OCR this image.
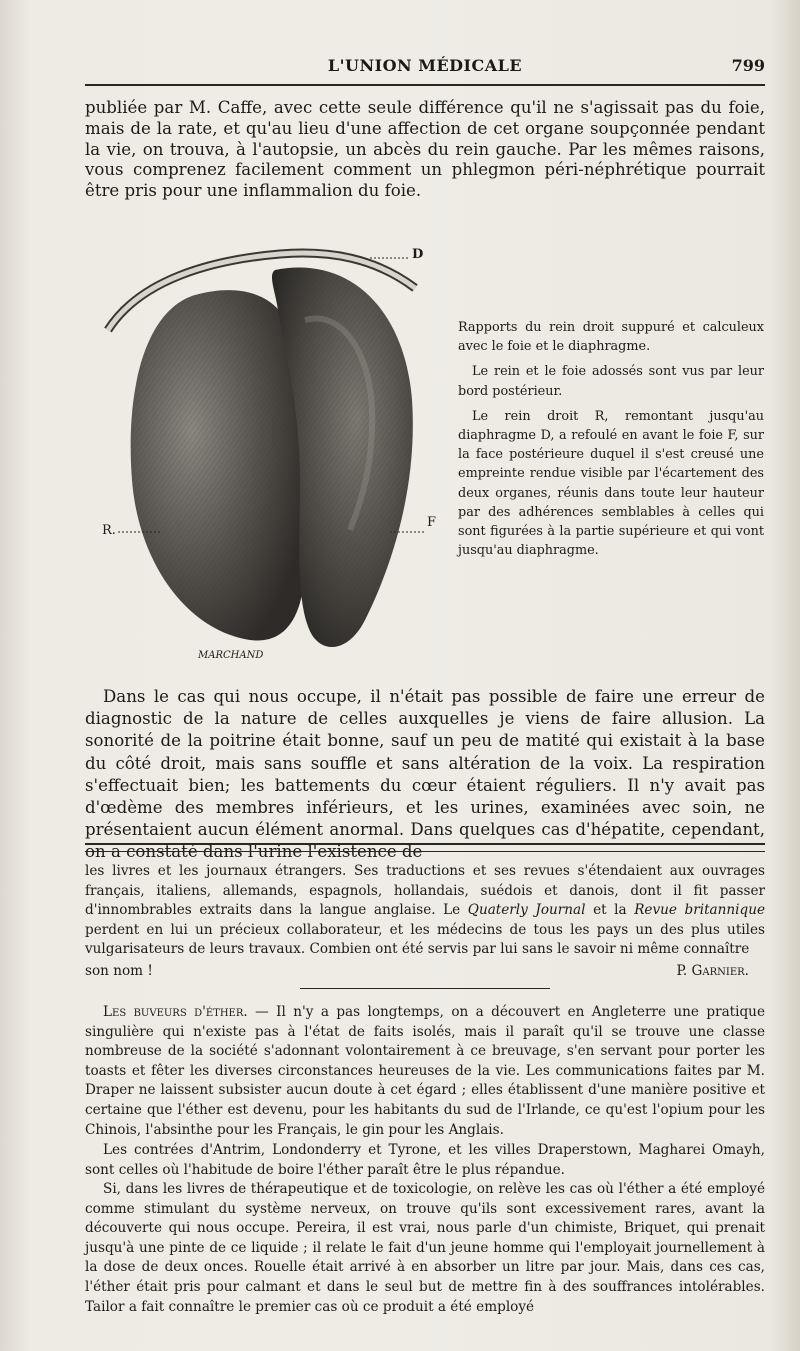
L'UNION MÉDICALE	799

publiée par M. Caffe, avec cette seule différence qu'il ne s'agissait pas du foie, mais de la rate, et qu'au lieu d'une affection de cet organe soupçonnée pendant la vie, on trouva, à l'autopsie, un abcès du rein gauche. Par les mêmes raisons, vous comprenez facilement comment un phlegmon péri-néphrétique pourrait être pris pour une inflammalion du foie.

D
R.
F
MARCHAND

Rapports du rein droit suppuré et calculeux avec le foie et le diaphragme.

Le rein et le foie adossés sont vus par leur bord postérieur.

Le rein droit R, remontant jusqu'au diaphragme D, a refoulé en avant le foie F, sur la face postérieure duquel il s'est creusé une empreinte rendue visible par l'écartement des deux organes, réunis dans toute leur hauteur par des adhérences semblables à celles qui sont figurées à la partie supérieure et qui vont jusqu'au diaphragme.

Dans le cas qui nous occupe, il n'était pas possible de faire une erreur de diagnostic de la nature de celles auxquelles je viens de faire allusion. La sonorité de la poitrine était bonne, sauf un peu de matité qui existait à la base du côté droit, mais sans souffle et sans altération de la voix. La respiration s'effectuait bien; les battements du cœur étaient réguliers. Il n'y avait pas d'œdème des membres inférieurs, et les urines, examinées avec soin, ne présentaient aucun élément anormal. Dans quelques cas d'hépatite, cependant, on a constaté dans l'urine l'existence de

les livres et les journaux étrangers. Ses traductions et ses revues s'étendaient aux ouvrages français, italiens, allemands, espagnols, hollandais, suédois et danois, dont il fit passer d'innombrables extraits dans la langue anglaise. Le Quaterly Journal et la Revue britannique perdent en lui un précieux collaborateur, et les médecins de tous les pays un des plus utiles vulgarisateurs de leurs travaux. Combien ont été servis par lui sans le savoir ni même connaître

son nom !	P. Garnier.

Les buveurs d'éther. — Il n'y a pas longtemps, on a découvert en Angleterre une pratique singulière qui n'existe pas à l'état de faits isolés, mais il paraît qu'il se trouve une classe nombreuse de la société s'adonnant volontairement à ce breuvage, s'en servant pour porter les toasts et fêter les diverses circonstances heureuses de la vie. Les communications faites par M. Draper ne laissent subsister aucun doute à cet égard ; elles établissent d'une manière positive et certaine que l'éther est devenu, pour les habitants du sud de l'Irlande, ce qu'est l'opium pour les Chinois, l'absinthe pour les Français, le gin pour les Anglais.

Les contrées d'Antrim, Londonderry et Tyrone, et les villes Draperstown, Magharei Omayh, sont celles où l'habitude de boire l'éther paraît être le plus répandue.

Si, dans les livres de thérapeutique et de toxicologie, on relève les cas où l'éther a été employé comme stimulant du système nerveux, on trouve qu'ils sont excessivement rares, avant la découverte qui nous occupe. Pereira, il est vrai, nous parle d'un chimiste, Briquet, qui prenait jusqu'à une pinte de ce liquide ; il relate le fait d'un jeune homme qui l'employait journellement à la dose de deux onces. Rouelle était arrivé à en absorber un litre par jour. Mais, dans ces cas, l'éther était pris pour calmant et dans le seul but de mettre fin à des souffrances intolérables. Tailor a fait connaître le premier cas où ce produit a été employé
